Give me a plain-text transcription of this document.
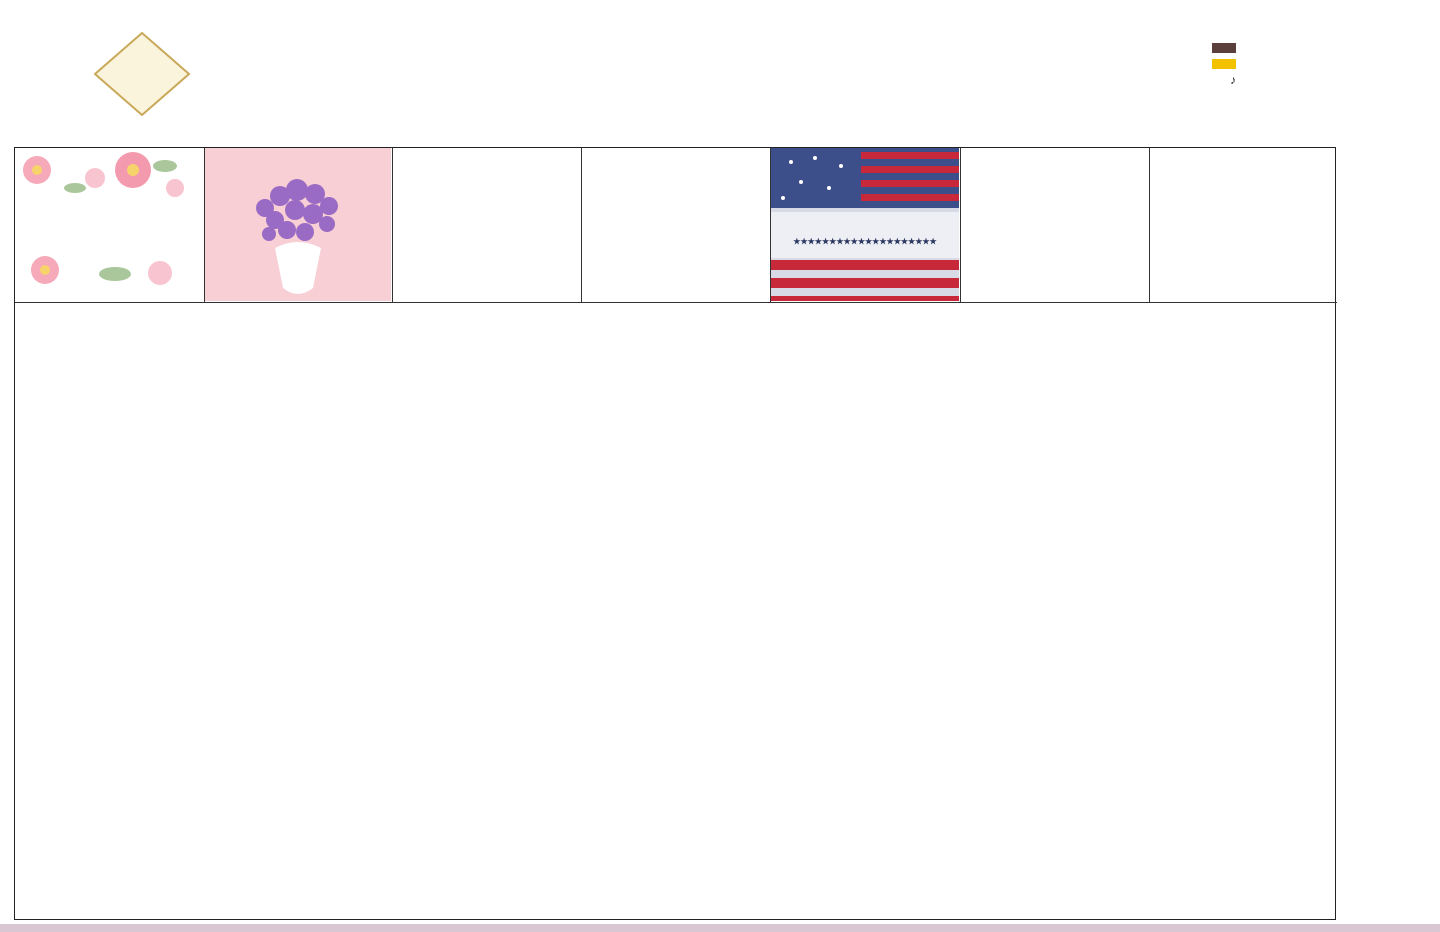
♪
★★★★★★★★★★★★★★★★★★★★
